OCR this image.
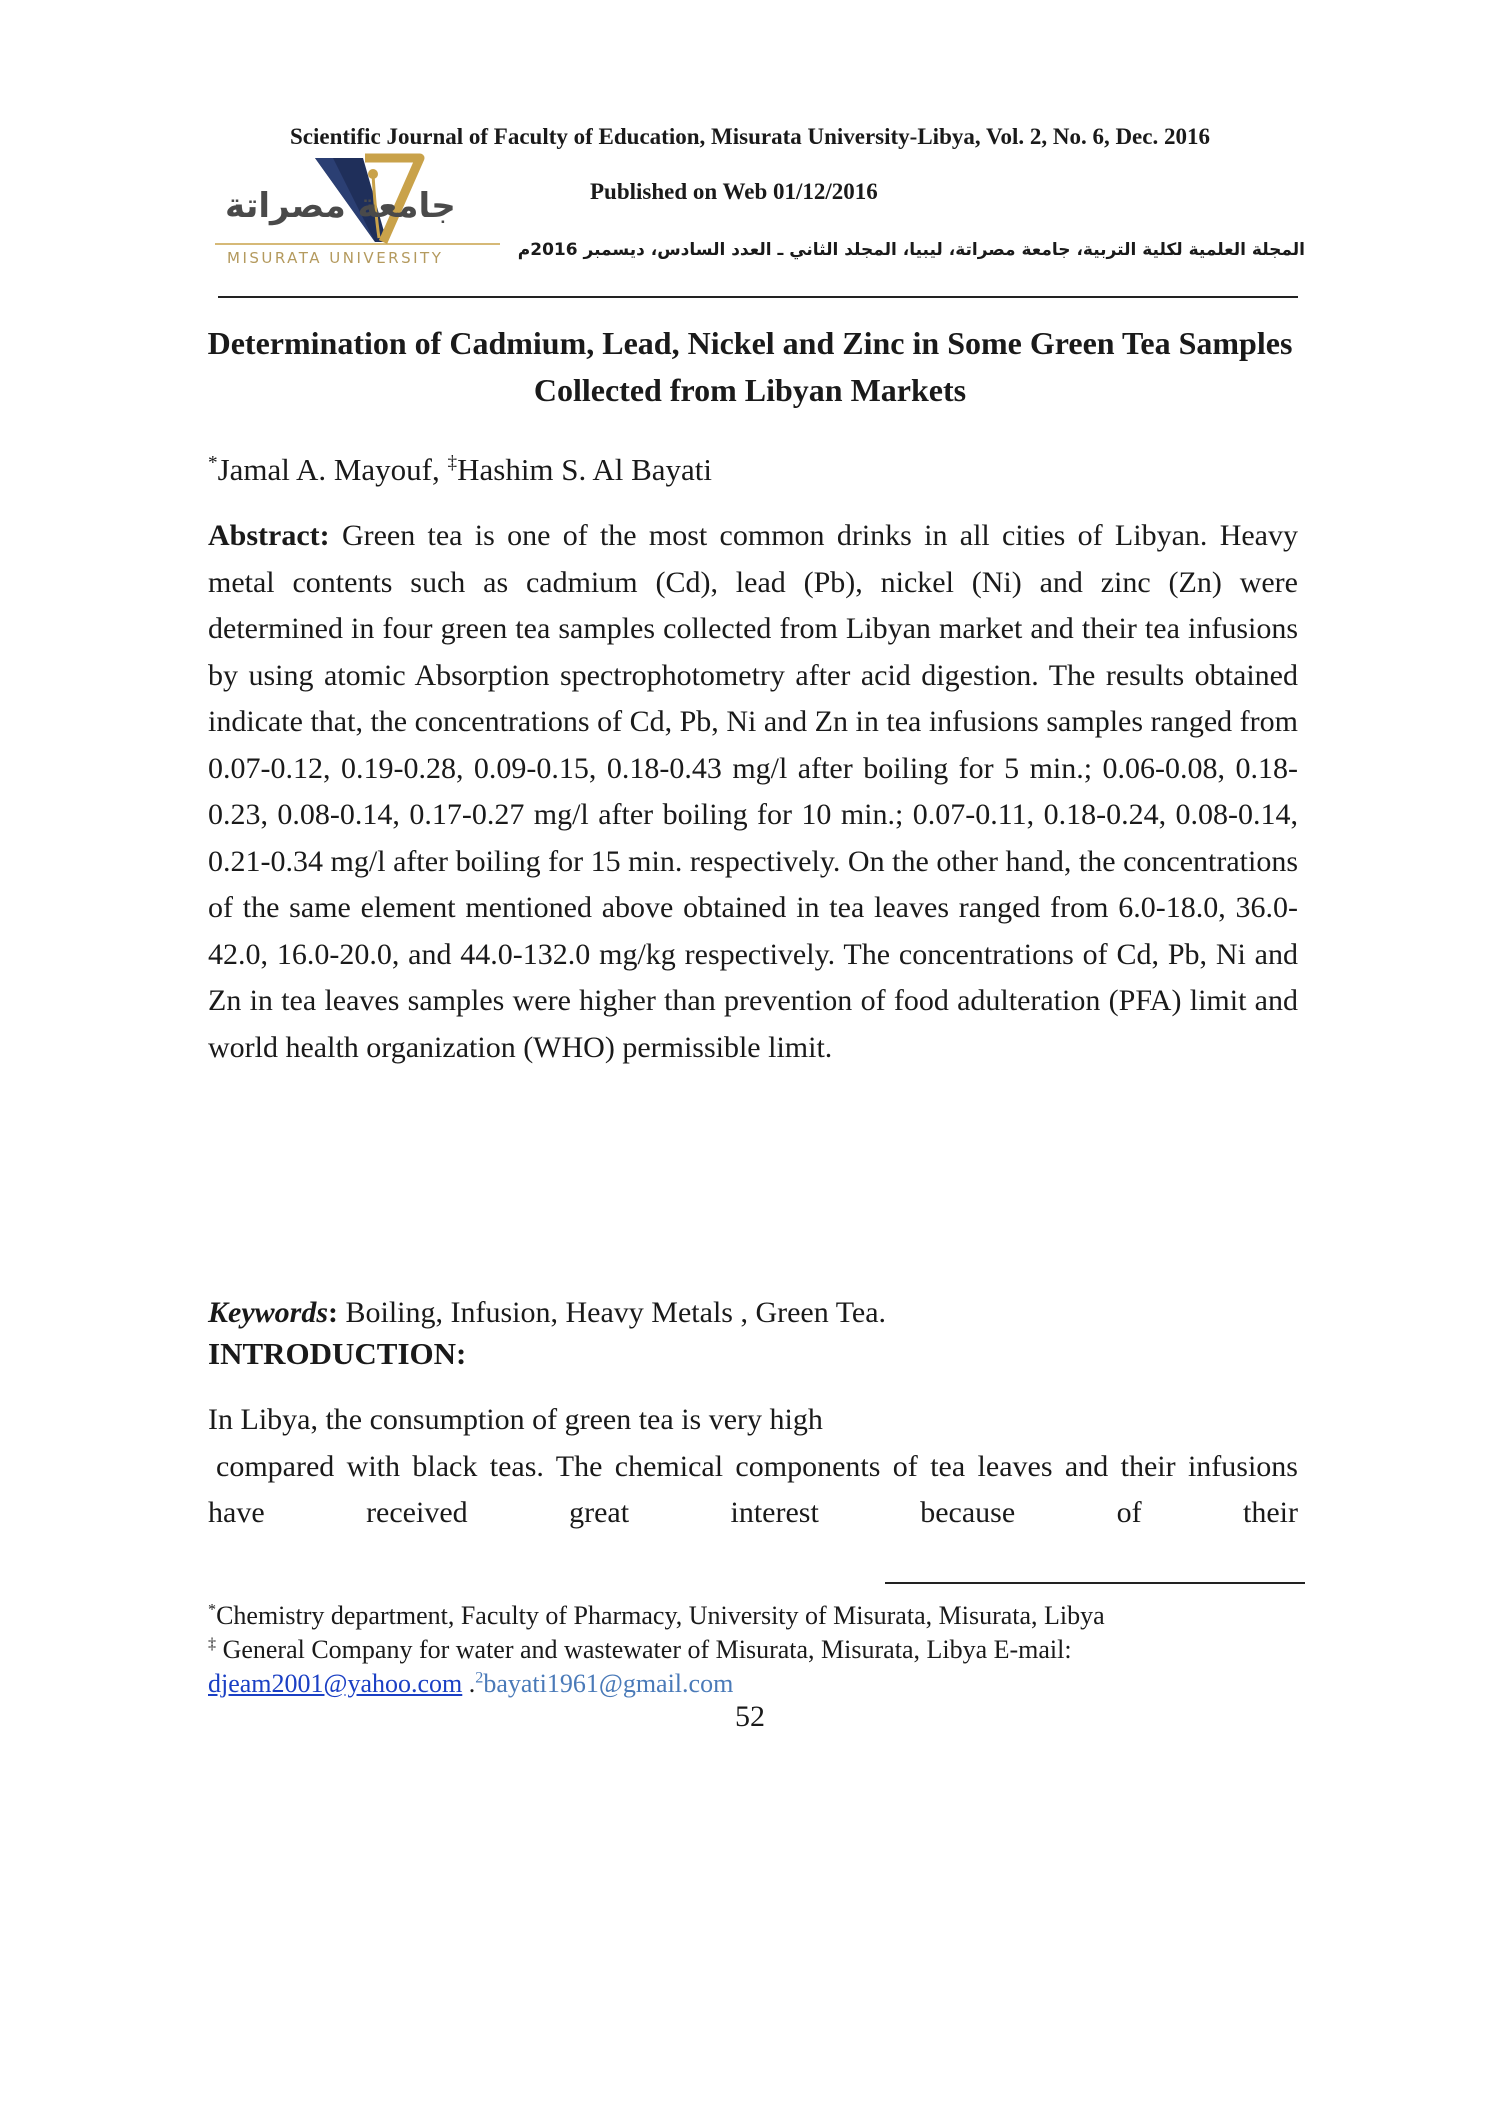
Scientific Journal of Faculty of Education, Misurata University-Libya, Vol. 2, No. 6, Dec. 2016

Published on Web 01/12/2016

المجلة العلمية لكلية التربية، جامعة مصراتة، ليبيا، المجلد الثاني ـ العدد السادس، ديسمبر 2016م

جامعة مصراتة

MISURATA UNIVERSITY

Determination of Cadmium, Lead, Nickel and Zinc in Some Green Tea Samples Collected from Libyan Markets

*Jamal A. Mayouf, ‡Hashim S. Al Bayati

Abstract: Green tea is one of the most common drinks in all cities of Libyan. Heavy metal contents such as cadmium (Cd), lead (Pb), nickel (Ni) and zinc (Zn) were determined in four green tea samples collected from Libyan market and their tea infusions by using atomic Absorption spectrophotometry after acid digestion. The results obtained indicate that, the concentrations of Cd, Pb, Ni and Zn in tea infusions samples ranged from 0.07-0.12, 0.19-0.28, 0.09-0.15, 0.18-0.43 mg/l after boiling for 5 min.; 0.06-0.08, 0.18-0.23, 0.08-0.14, 0.17-0.27 mg/l after boiling for 10 min.; 0.07-0.11, 0.18-0.24, 0.08-0.14, 0.21-0.34 mg/l after boiling for 15 min. respectively. On the other hand, the concentrations of the same element mentioned above obtained in tea leaves ranged from 6.0-18.0, 36.0-42.0, 16.0-20.0, and 44.0-132.0 mg/kg respectively. The concentrations of Cd, Pb, Ni and Zn in tea leaves samples were higher than prevention of food adulteration (PFA) limit and world health organization (WHO) permissible limit.

Keywords: Boiling, Infusion, Heavy Metals , Green Tea.

INTRODUCTION:
In Libya, the consumption of green tea is very high
compared with black teas. The chemical components of tea leaves and their infusions have received great interest because of their
*Chemistry department, Faculty of Pharmacy, University of Misurata, Misurata, Libya
‡ General Company for water and wastewater of Misurata, Misurata, Libya E-mail:
djeam2001@yahoo.com .$^2$bayati1961@gmail.com

52
